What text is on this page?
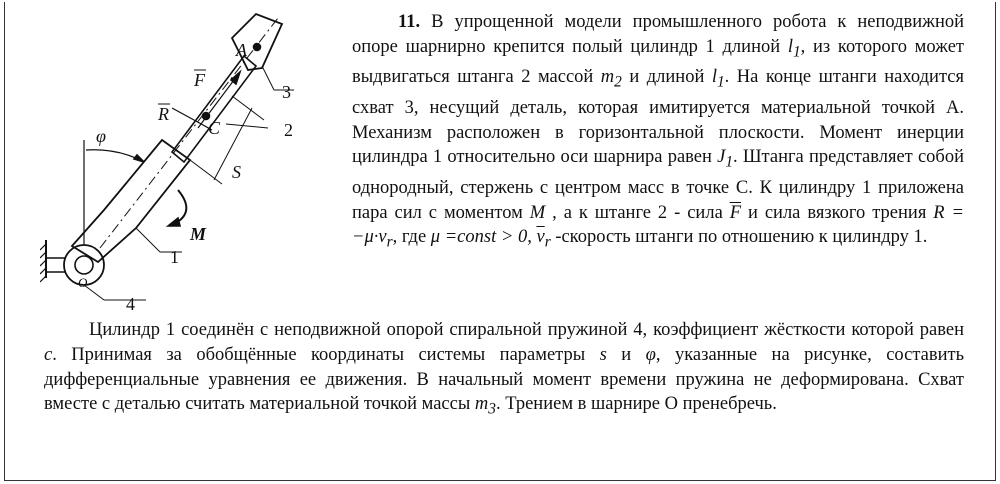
A
F
R
C
S
φ
M
O
1
2
3
4

11. В упрощенной модели промышленного робота к неподвижной опоре шарнирно крепится полый цилиндр 1 длиной $l_1$, из которого может выдвигаться штанга 2 массой $m_2$ и длиной $l_1$. На конце штанги находится схват 3, несущий деталь, которая имитируется материальной точкой А. Механизм расположен в горизонтальной плоскости. Момент инерции цилиндра 1 относительно оси шарнира равен $J_1$. Штанга представляет собой однородный, стержень с центром масс в точке С. К цилиндру 1 приложена пара сил с моментом M , а к штанге 2 - сила $\overline{F}$ и сила вязкого трения $R = -\mu\cdot v_r$, где μ =const > 0, $\overline{v}_r$ -скорость штанги по отношению к цилиндру 1.

Цилиндр 1 соединён с неподвижной опорой спиральной пружиной 4, коэффициент жёсткости которой равен c. Принимая за обобщённые координаты системы параметры s и φ, указанные на рисунке, составить дифференциальные уравнения ее движения. В начальный момент времени пружина не деформирована. Схват вместе с деталью считать материальной точкой массы $m_3$. Трением в шарнире О пренебречь.
